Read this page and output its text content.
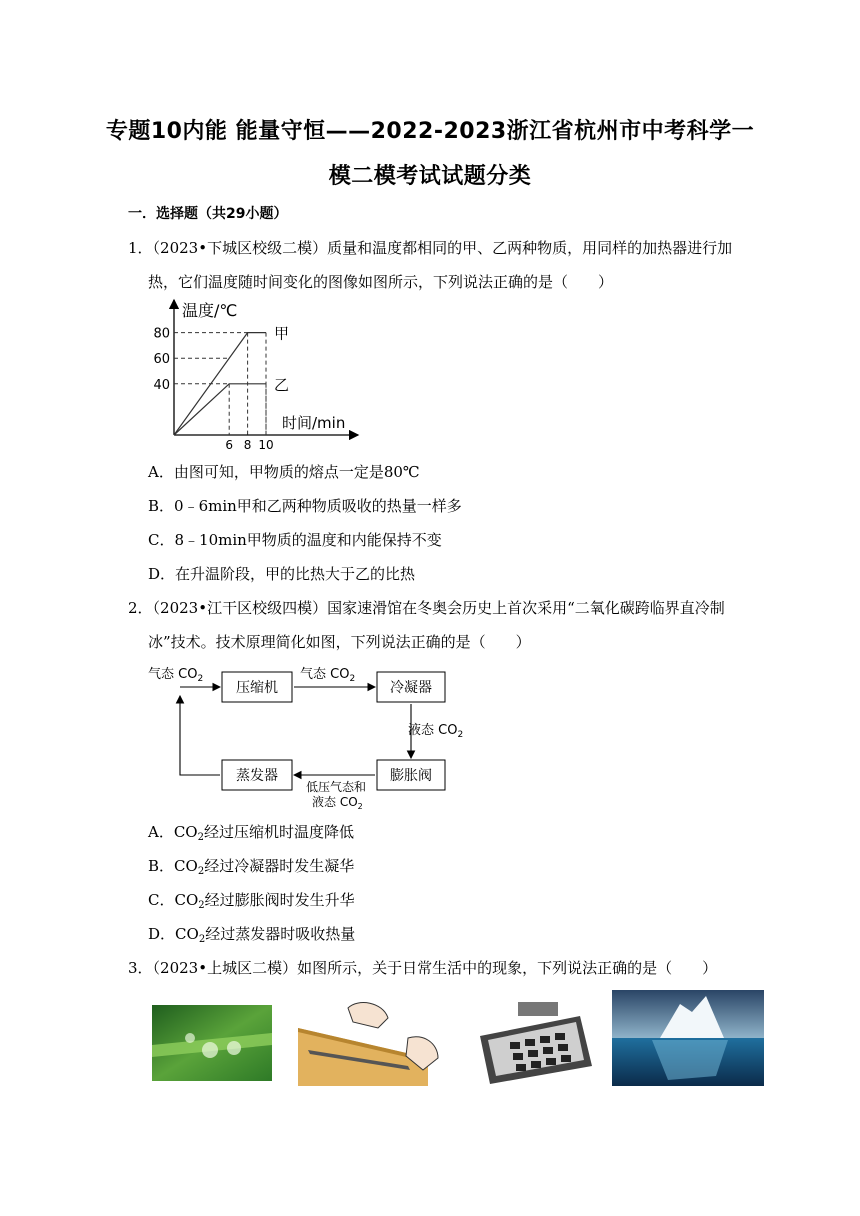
专题10内能 能量守恒——2022-2023浙江省杭州市中考科学一
模二模考试试题分类
一．选择题（共29小题）
1．（2023•下城区校级二模）质量和温度都相同的甲、乙两种物质，用同样的加热器进行加
热，它们温度随时间变化的图像如图所示，下列说法正确的是（　　）
温度/℃
时间/min
40
60
80
6 8 10
甲
乙
A．由图可知，甲物质的熔点一定是80℃
B．0﹣6min甲和乙两种物质吸收的热量一样多
C．8﹣10min甲物质的温度和内能保持不变
D．在升温阶段，甲的比热大于乙的比热
2．（2023•江干区校级四模）国家速滑馆在冬奥会历史上首次采用“二氧化碳跨临界直冷制
冰”技术。技术原理简化如图，下列说法正确的是（　　）
压缩机	冷凝器
膨胀阀
蒸发器
气态 $CO_2$	气态 $CO_2$
液态 $CO_2$
低压气态和
液态 $CO_2$
A．$CO_2$经过压缩机时温度降低
B．$CO_2$经过冷凝器时发生凝华
C．$CO_2$经过膨胀阀时发生升华
D．$CO_2$经过蒸发器时吸收热量
3．（2023•上城区二模）如图所示，关于日常生活中的现象，下列说法正确的是（　　）
